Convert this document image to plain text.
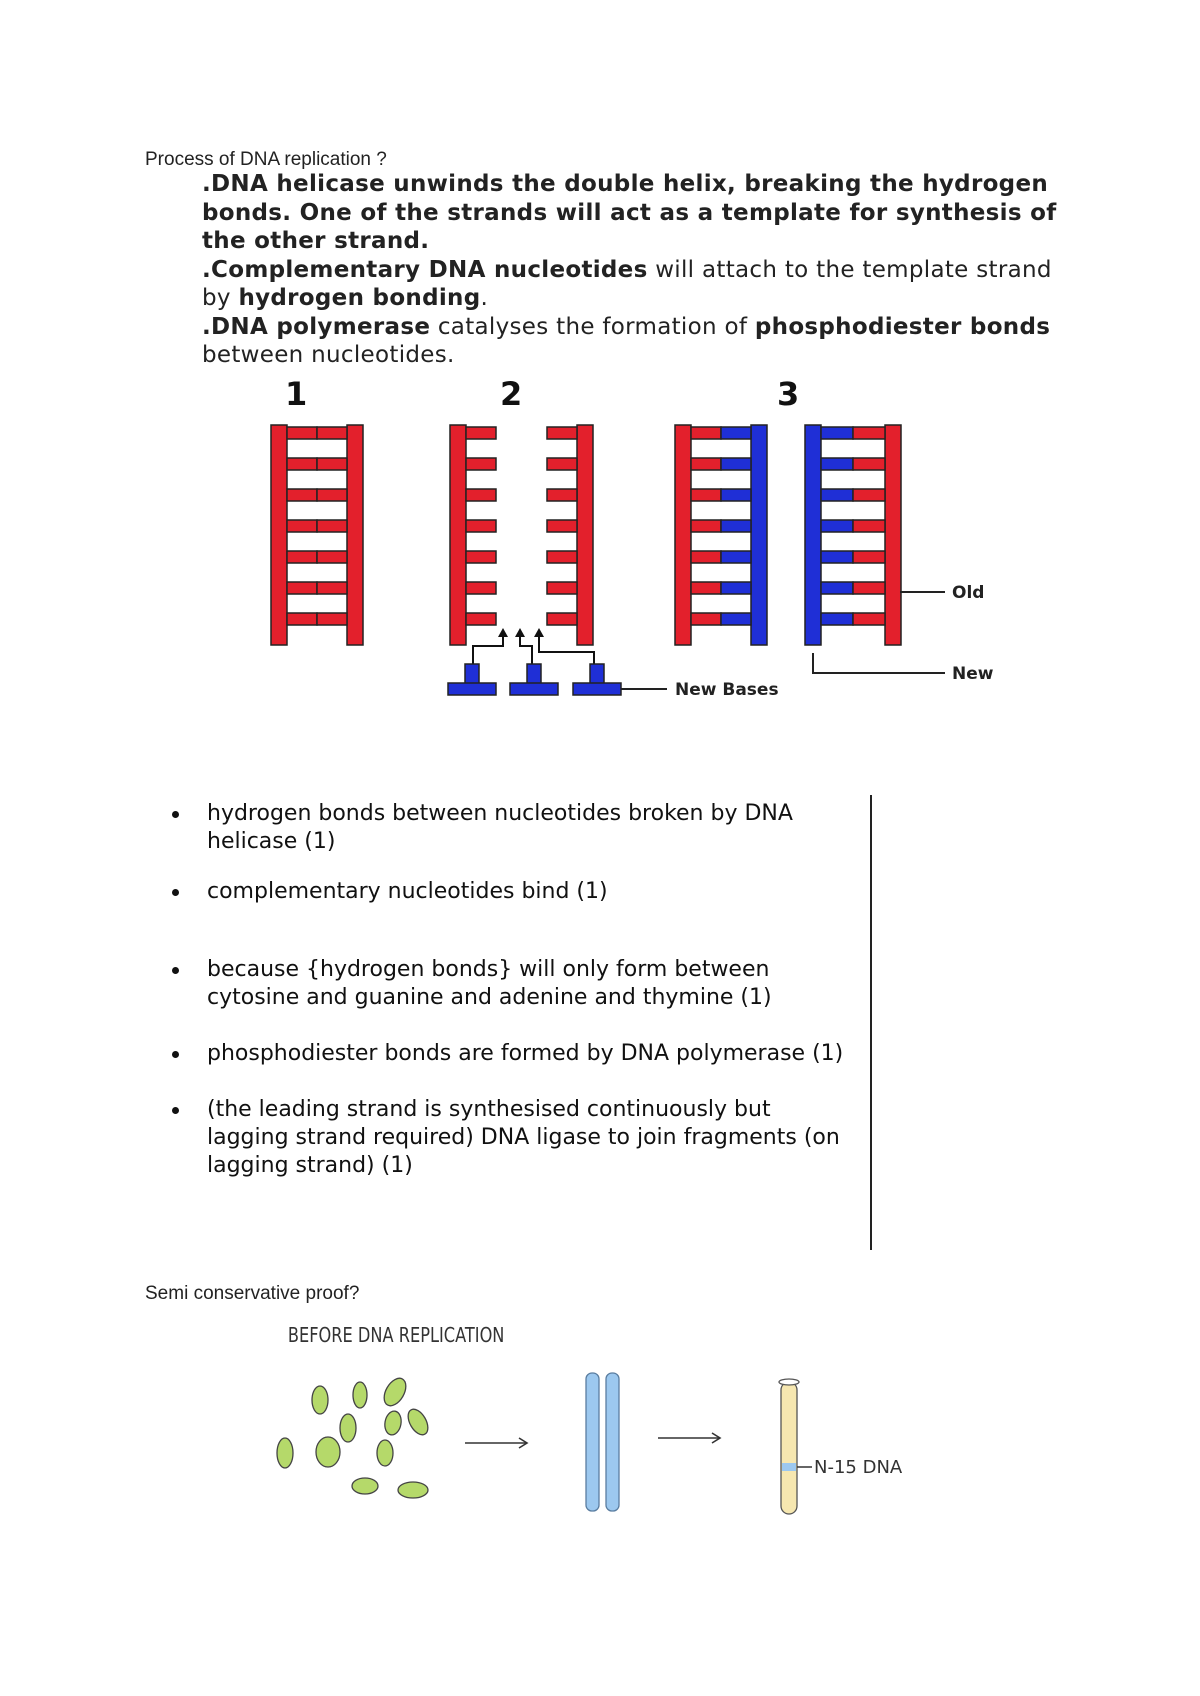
Process of DNA replication ?

.DNA helicase unwinds the double helix, breaking the hydrogen bonds. One of the strands will act as a template for synthesis of the other strand.

.Complementary DNA nucleotides will attach to the template strand by hydrogen bonding.

.DNA polymerase catalyses the formation of phosphodiester bonds between nucleotides.

1	2	3
Old
New
New Bases
hydrogen bonds between nucleotides broken by DNA helicase (1)
complementary nucleotides bind (1)
because {hydrogen bonds} will only form between cytosine and guanine and adenine and thymine (1)
phosphodiester bonds are formed by DNA polymerase (1)
(the leading strand is synthesised continuously but lagging strand required) DNA ligase to join fragments (on lagging strand) (1)
Semi conservative proof?
BEFORE DNA REPLICATION
N-15 DNA
